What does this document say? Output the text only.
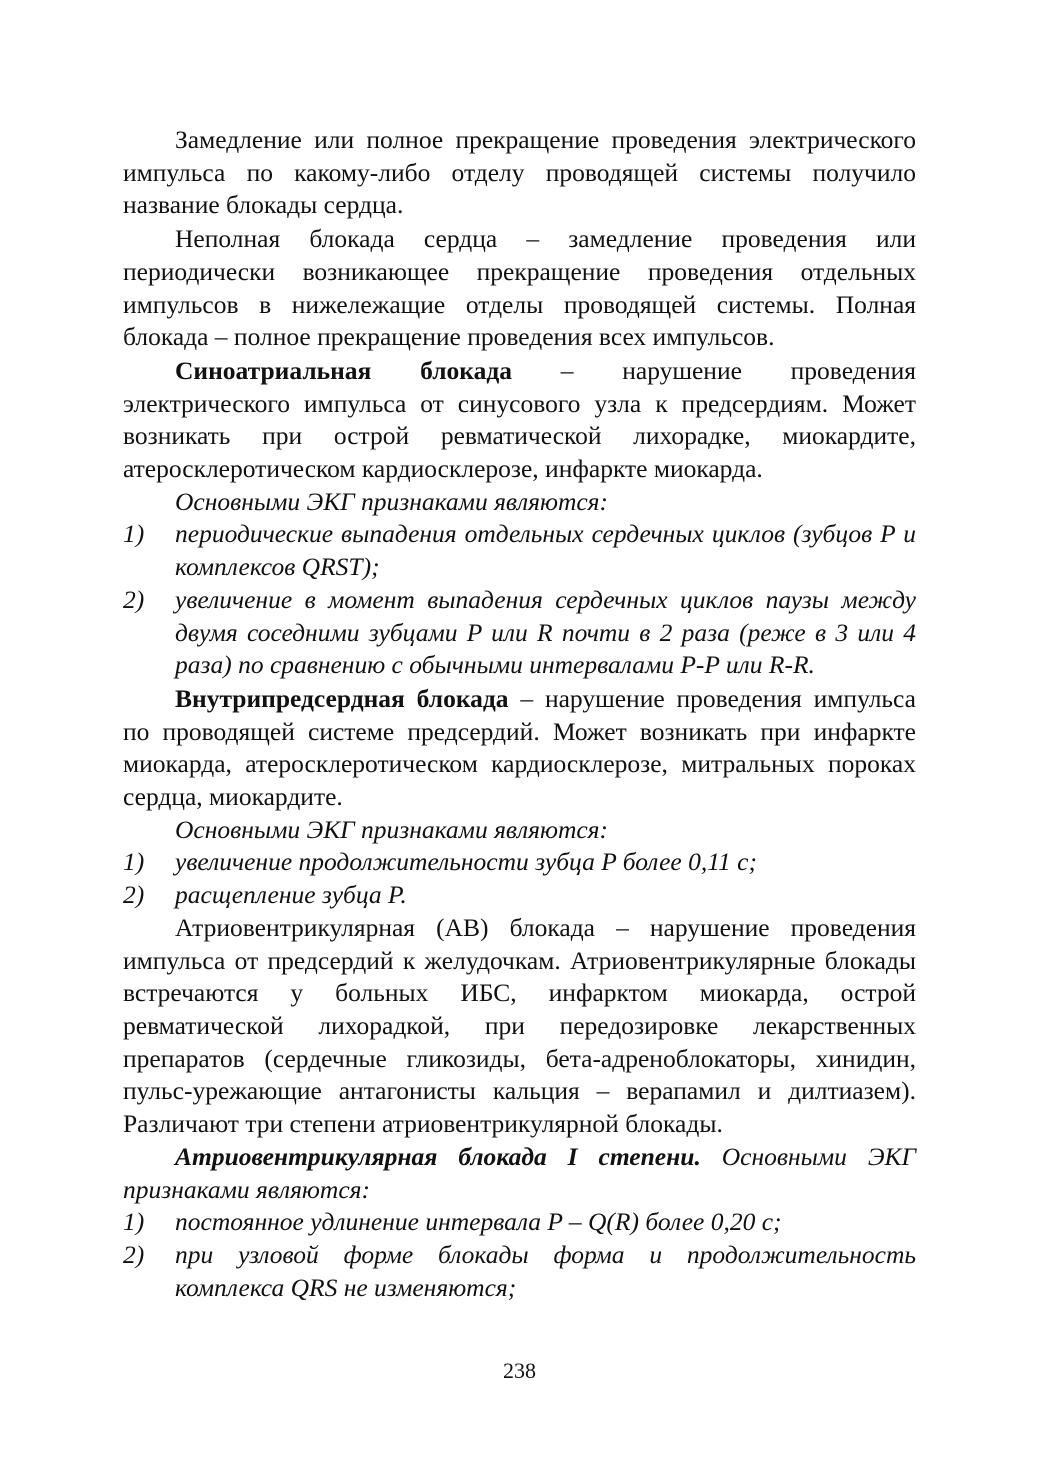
Замедление или полное прекращение проведения электрического импульса по какому-либо отделу проводящей системы получило название блокады сердца.

Неполная блокада сердца – замедление проведения или периодически возникающее прекращение проведения отдельных импульсов в нижележащие отделы проводящей системы. Полная блокада – полное прекращение проведения всех импульсов.

Синоатриальная блокада – нарушение проведения электрического импульса от синусового узла к предсердиям. Может возникать при острой ревматической лихорадке, миокардите, атеросклеротическом кардиосклерозе, инфаркте миокарда.

Основными ЭКГ признаками являются:

1) периодические выпадения отдельных сердечных циклов (зубцов P и комплексов QRST);
2) увеличение в момент выпадения сердечных циклов паузы между двумя соседними зубцами P или R почти в 2 раза (реже в 3 или 4 раза) по сравнению с обычными интервалами P-P или R-R.

Внутрипредсердная блокада – нарушение проведения импульса по проводящей системе предсердий. Может возникать при инфаркте миокарда, атеросклеротическом кардиосклерозе, митральных пороках сердца, миокардите.

Основными ЭКГ признаками являются:

1) увеличение продолжительности зубца P более 0,11 с;
2) расщепление зубца P.

Атриовентрикулярная (АВ) блокада – нарушение проведения импульса от предсердий к желудочкам. Атриовентрикулярные блокады встречаются у больных ИБС, инфарктом миокарда, острой ревматической лихорадкой, при передозировке лекарственных препаратов (сердечные гликозиды, бета-адреноблокаторы, хинидин, пульс-урежающие антагонисты кальция – верапамил и дилтиазем). Различают три степени атриовентрикулярной блокады.

Атриовентрикулярная блокада I степени. Основными ЭКГ признаками являются:

1) постоянное удлинение интервала P – Q(R) более 0,20 с;
2) при узловой форме блокады форма и продолжительность комплекса QRS не изменяются;
238
